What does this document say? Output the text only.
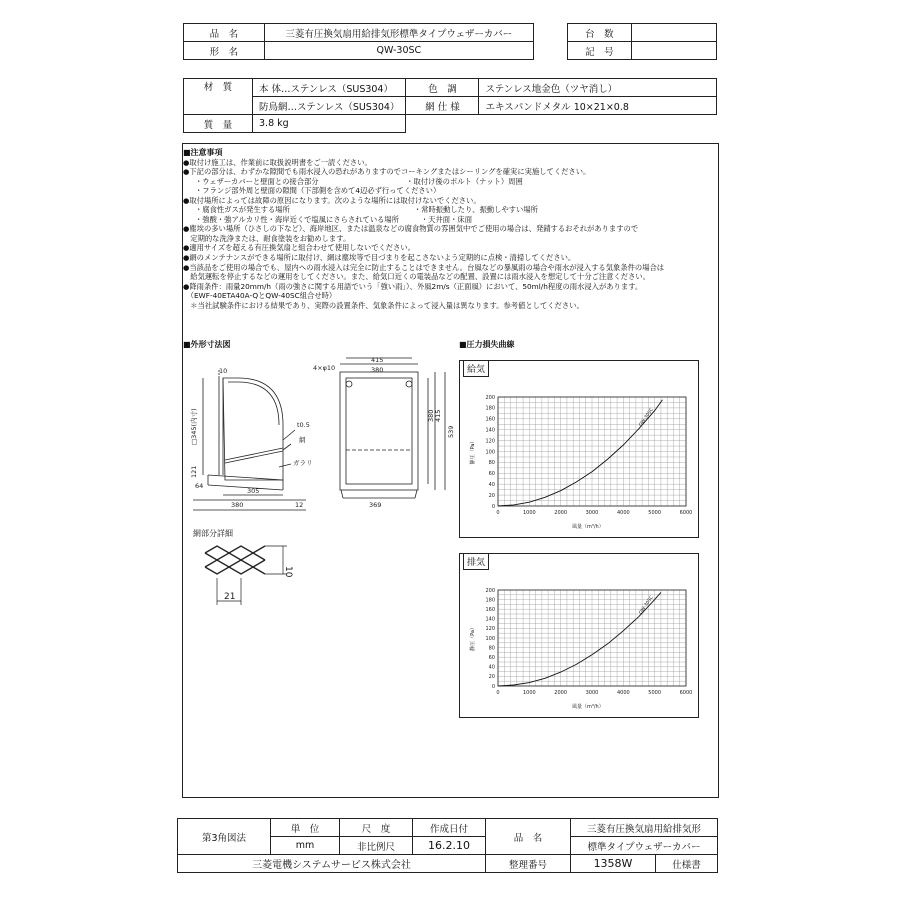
品　名	三菱有圧換気扇用給排気形標準タイプウェザーカバー		台　数	
形　名	QW-30SC		記　号	
材　質	本 体…ステンレス（SUS304）	色　調	ステンレス地金色（ツヤ消し）
	防鳥網…ステンレス（SUS304）	網 仕 様	エキスパンドメタル 10×21×0.8
質　量	3.8 kg		
■注意事項
●取付け施工は、作業前に取扱説明書をご一読ください。
●下記の部分は、わずかな隙間でも雨水浸入の恐れがありますのでコーキングまたはシーリングを確実に実施してください。
・ウェザーカバーと壁面との接合部分　　　　　　　　　　　　・取付け後のボルト（ナット）周囲
・フランジ部外周と壁面の隙間（下部側を含めて4辺必ず行ってください）
●取付場所によっては故障の原因になります。次のような場所には取付けないでください。
・腐食性ガスが発生する場所　　　　　　　　　　　　　　　　　・常時振動したり、振動しやすい場所
・強酸・強アルカリ性・海岸近くで塩風にさらされている場所　　　・天井面・床面
●塵埃の多い場所（ひさしの下など）、海岸地区、または温泉などの腐食物質の雰囲気中でご使用の場合は、発錆するおそれがありますので
　定期的な洗浄または、耐食塗装をお勧めします。
●適用サイズを超える有圧換気扇と組合わせて使用しないでください。
●網のメンテナンスができる場所に取付け、網は塵埃等で目づまりを起こさないよう定期的に点検・清掃してください。
●当該品をご使用の場合でも、屋内への雨水浸入は完全に防止することはできません。台風などの暴風雨の場合や雨水が浸入する気象条件の場合は
　給気運転を停止するなどの運用をしてください。また、給気口近くの電装品などの配置、設置には雨水浸入を想定して十分ご注意ください。
●降雨条件：雨量20mm/h（雨の強さに関する用語でいう「強い雨」）、外風2m/s（正面風）において、50ml/h程度の雨水浸入があります。
　（EWF-40ETA40A-QとQW-40SC組合せ時）
　＊当社試験条件における結果であり、実際の設置条件、気象条件によって浸入量は異なります。参考値としてください。
■外形寸法図	■圧力損失曲線
10
□345(内寸)	t0.5
網
ガラリ
121
64
305
380	12
4×φ10
415
380
380 415
539
369
網部分詳細
10
21
0	1000	2000	3000	4000	5000	6000
0
20
40
60
80
100
120
140
160
180
200
風量（m³/h）
静圧（Pa）
QW-30SC
給気
0	1000	2000	3000	4000	5000	6000
0
20
40
60
80
100
120
140
160
180
200
風量（m³/h）
静圧（Pa）
QW-30SC
排気
第3角図法	単　位	尺　度	作成日付	品　名	三菱有圧換気扇用給排気形	
	mm	非比例尺	16.2.10		標準タイプウェザーカバー	
三菱電機システムサービス株式会社				整理番号	1358W	仕様書
